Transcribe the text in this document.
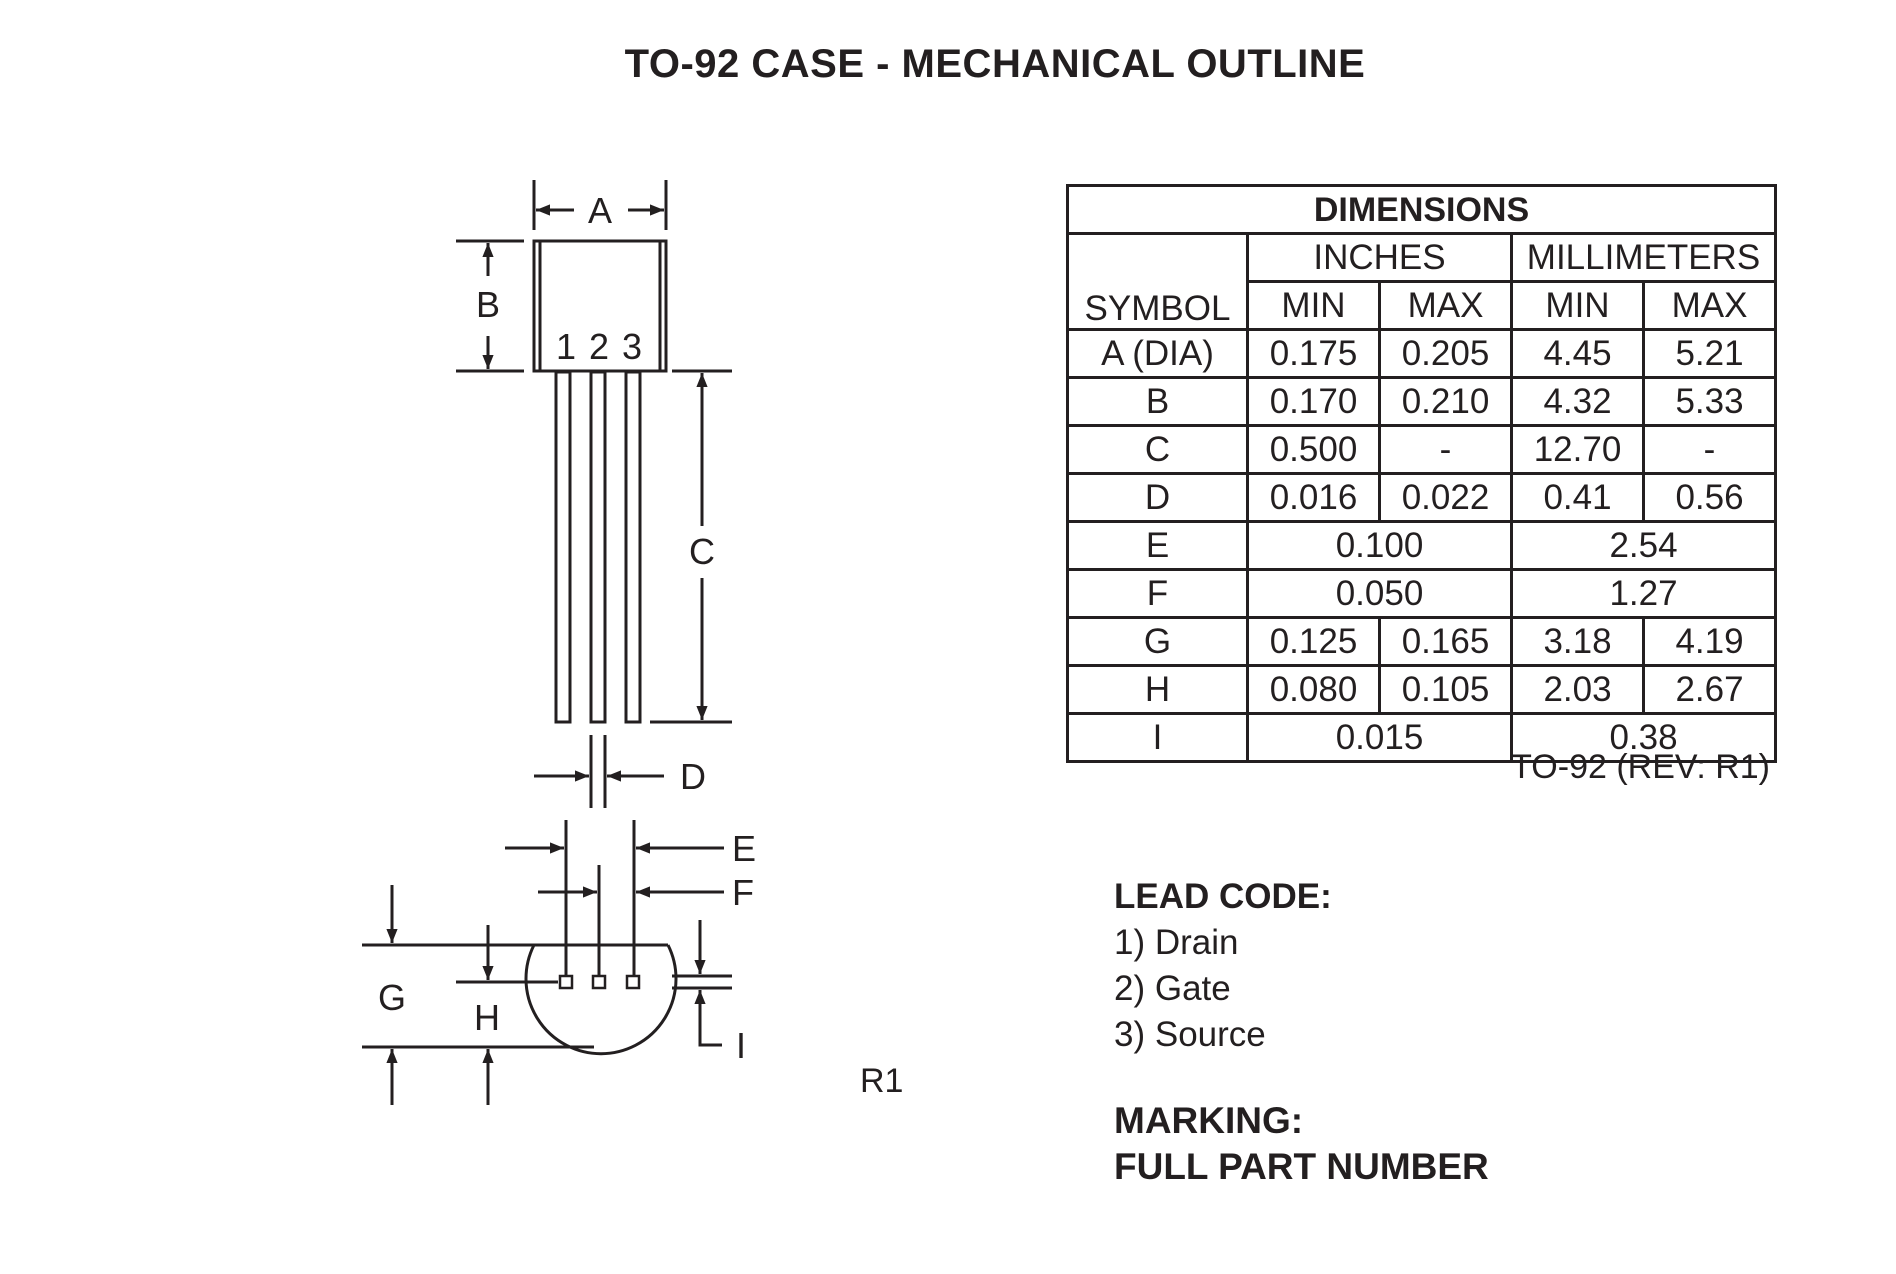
TO-92 CASE - MECHANICAL OUTLINE
1 2 3
A
B
C
D
E
F
G H
I
R1
DIMENSIONS				
SYMBOL	INCHES		MILLIMETERS	
	MIN	MAX	MIN	MAX
A (DIA)	0.175	0.205	4.45	5.21
B	0.170	0.210	4.32	5.33
C	0.500	-	12.70	-
D	0.016	0.022	0.41	0.56
E	0.100		2.54	
F	0.050		1.27	
G	0.125	0.165	3.18	4.19
H	0.080	0.105	2.03	2.67
I	0.015		0.38	
TO-92 (REV: R1)
LEAD CODE:
1) Drain
2) Gate
3) Source
MARKING:
FULL PART NUMBER
